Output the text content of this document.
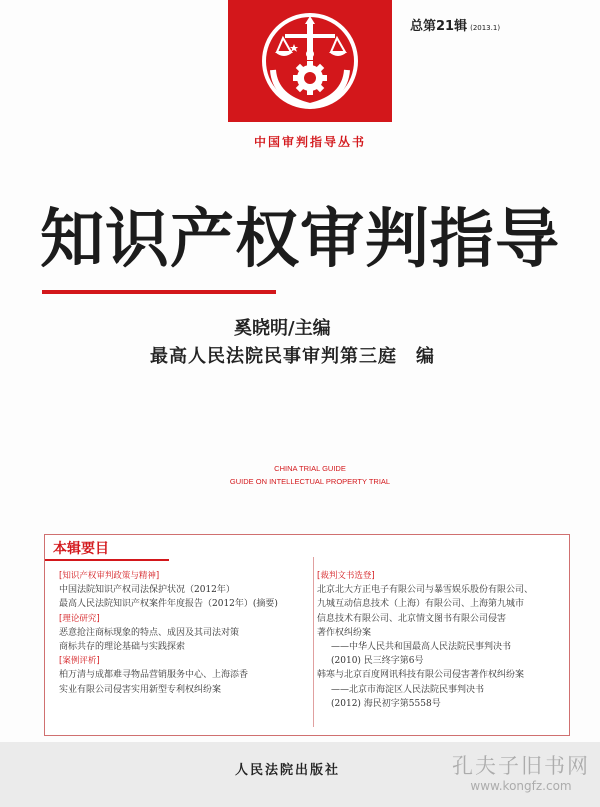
中国审判指导丛书
总第21辑 (2013.1)
知识产权审判指导
奚晓明/主编
最高人民法院民事审判第三庭　编
CHINA TRIAL GUIDE
GUIDE ON INTELLECTUAL PROPERTY TRIAL
本辑要目
[知识产权审判政策与精神]
中国法院知识产权司法保护状况（2012年）
最高人民法院知识产权案件年度报告（2012年）(摘要)
[理论研究]
恶意抢注商标现象的特点、成因及其司法对策
商标共存的理论基础与实践探索
[案例评析]
柏万清与成都难寻物品营销服务中心、上海添香
实业有限公司侵害实用新型专利权纠纷案
[裁判文书选登]
北京北大方正电子有限公司与暴雪娱乐股份有限公司、
九城互动信息技术（上海）有限公司、上海第九城市
信息技术有限公司、北京情文图书有限公司侵害
著作权纠纷案
——中华人民共和国最高人民法院民事判决书
(2010) 民三终字第6号
韩寒与北京百度网讯科技有限公司侵害著作权纠纷案
——北京市海淀区人民法院民事判决书
(2012) 海民初字第5558号
人民法院出版社	孔夫子旧书网
www.kongfz.com
